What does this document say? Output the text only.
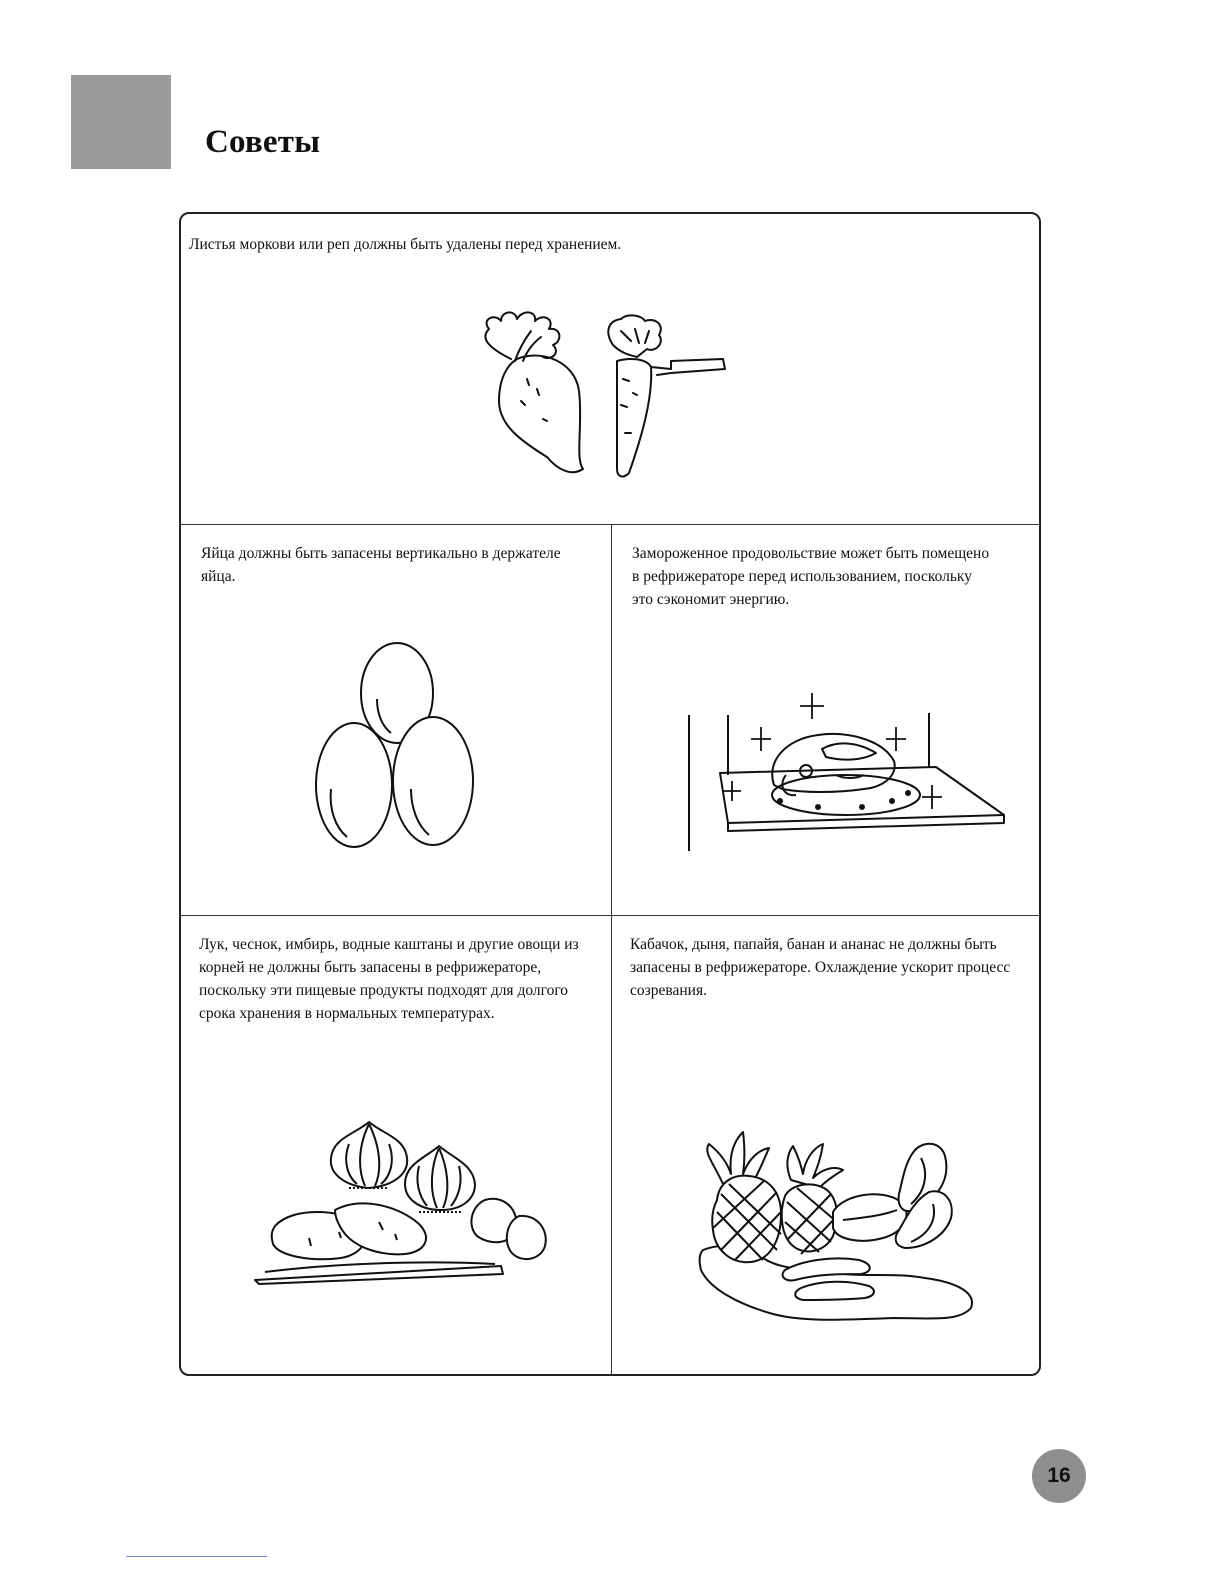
Советы

Листья моркови или реп должны быть удалены перед хранением.

Яйца должны быть запасены вертикально в держателе яйца.

Замороженное продовольствие может быть помещено в рефрижераторе перед использованием, поскольку это сэкономит энергию.

Лук, чеснок, имбирь, водные каштаны и другие овощи из корней не должны быть запасены в рефрижераторе, поскольку эти пищевые продукты подходят для долгого срока хранения в нормальных температурах.

Кабачок, дыня, папайя, банан и ананас не должны быть запасены в рефрижераторе. Охлаждение ускорит процесс созревания.

16
